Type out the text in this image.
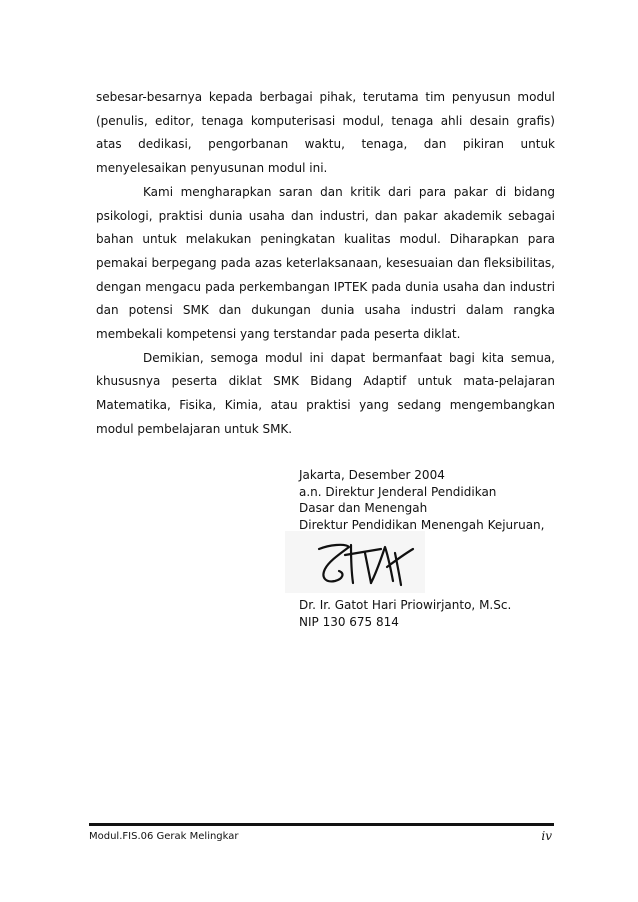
sebesar-besarnya kepada berbagai pihak, terutama tim penyusun modul (penulis, editor, tenaga komputerisasi modul, tenaga ahli desain grafis) atas dedikasi, pengorbanan waktu, tenaga, dan pikiran untuk menyelesaikan penyusunan modul ini.

Kami mengharapkan saran dan kritik dari para pakar di bidang psikologi, praktisi dunia usaha dan industri, dan pakar akademik sebagai bahan untuk melakukan peningkatan kualitas modul. Diharapkan para pemakai berpegang pada azas keterlaksanaan, kesesuaian dan fleksibilitas, dengan mengacu pada perkembangan IPTEK pada dunia usaha dan industri dan potensi SMK dan dukungan dunia usaha industri dalam rangka membekali kompetensi yang terstandar pada peserta diklat.

Demikian, semoga modul ini dapat bermanfaat bagi kita semua, khususnya peserta diklat SMK Bidang Adaptif untuk mata-pelajaran Matematika, Fisika, Kimia, atau praktisi yang sedang mengembangkan modul pembelajaran untuk SMK.

Jakarta, Desember 2004
a.n. Direktur Jenderal Pendidikan
Dasar dan Menengah
Direktur Pendidikan Menengah Kejuruan,
Dr. Ir. Gatot Hari Priowirjanto, M.Sc.
NIP 130 675 814
Modul.FIS.06 Gerak Melingkar	iv
